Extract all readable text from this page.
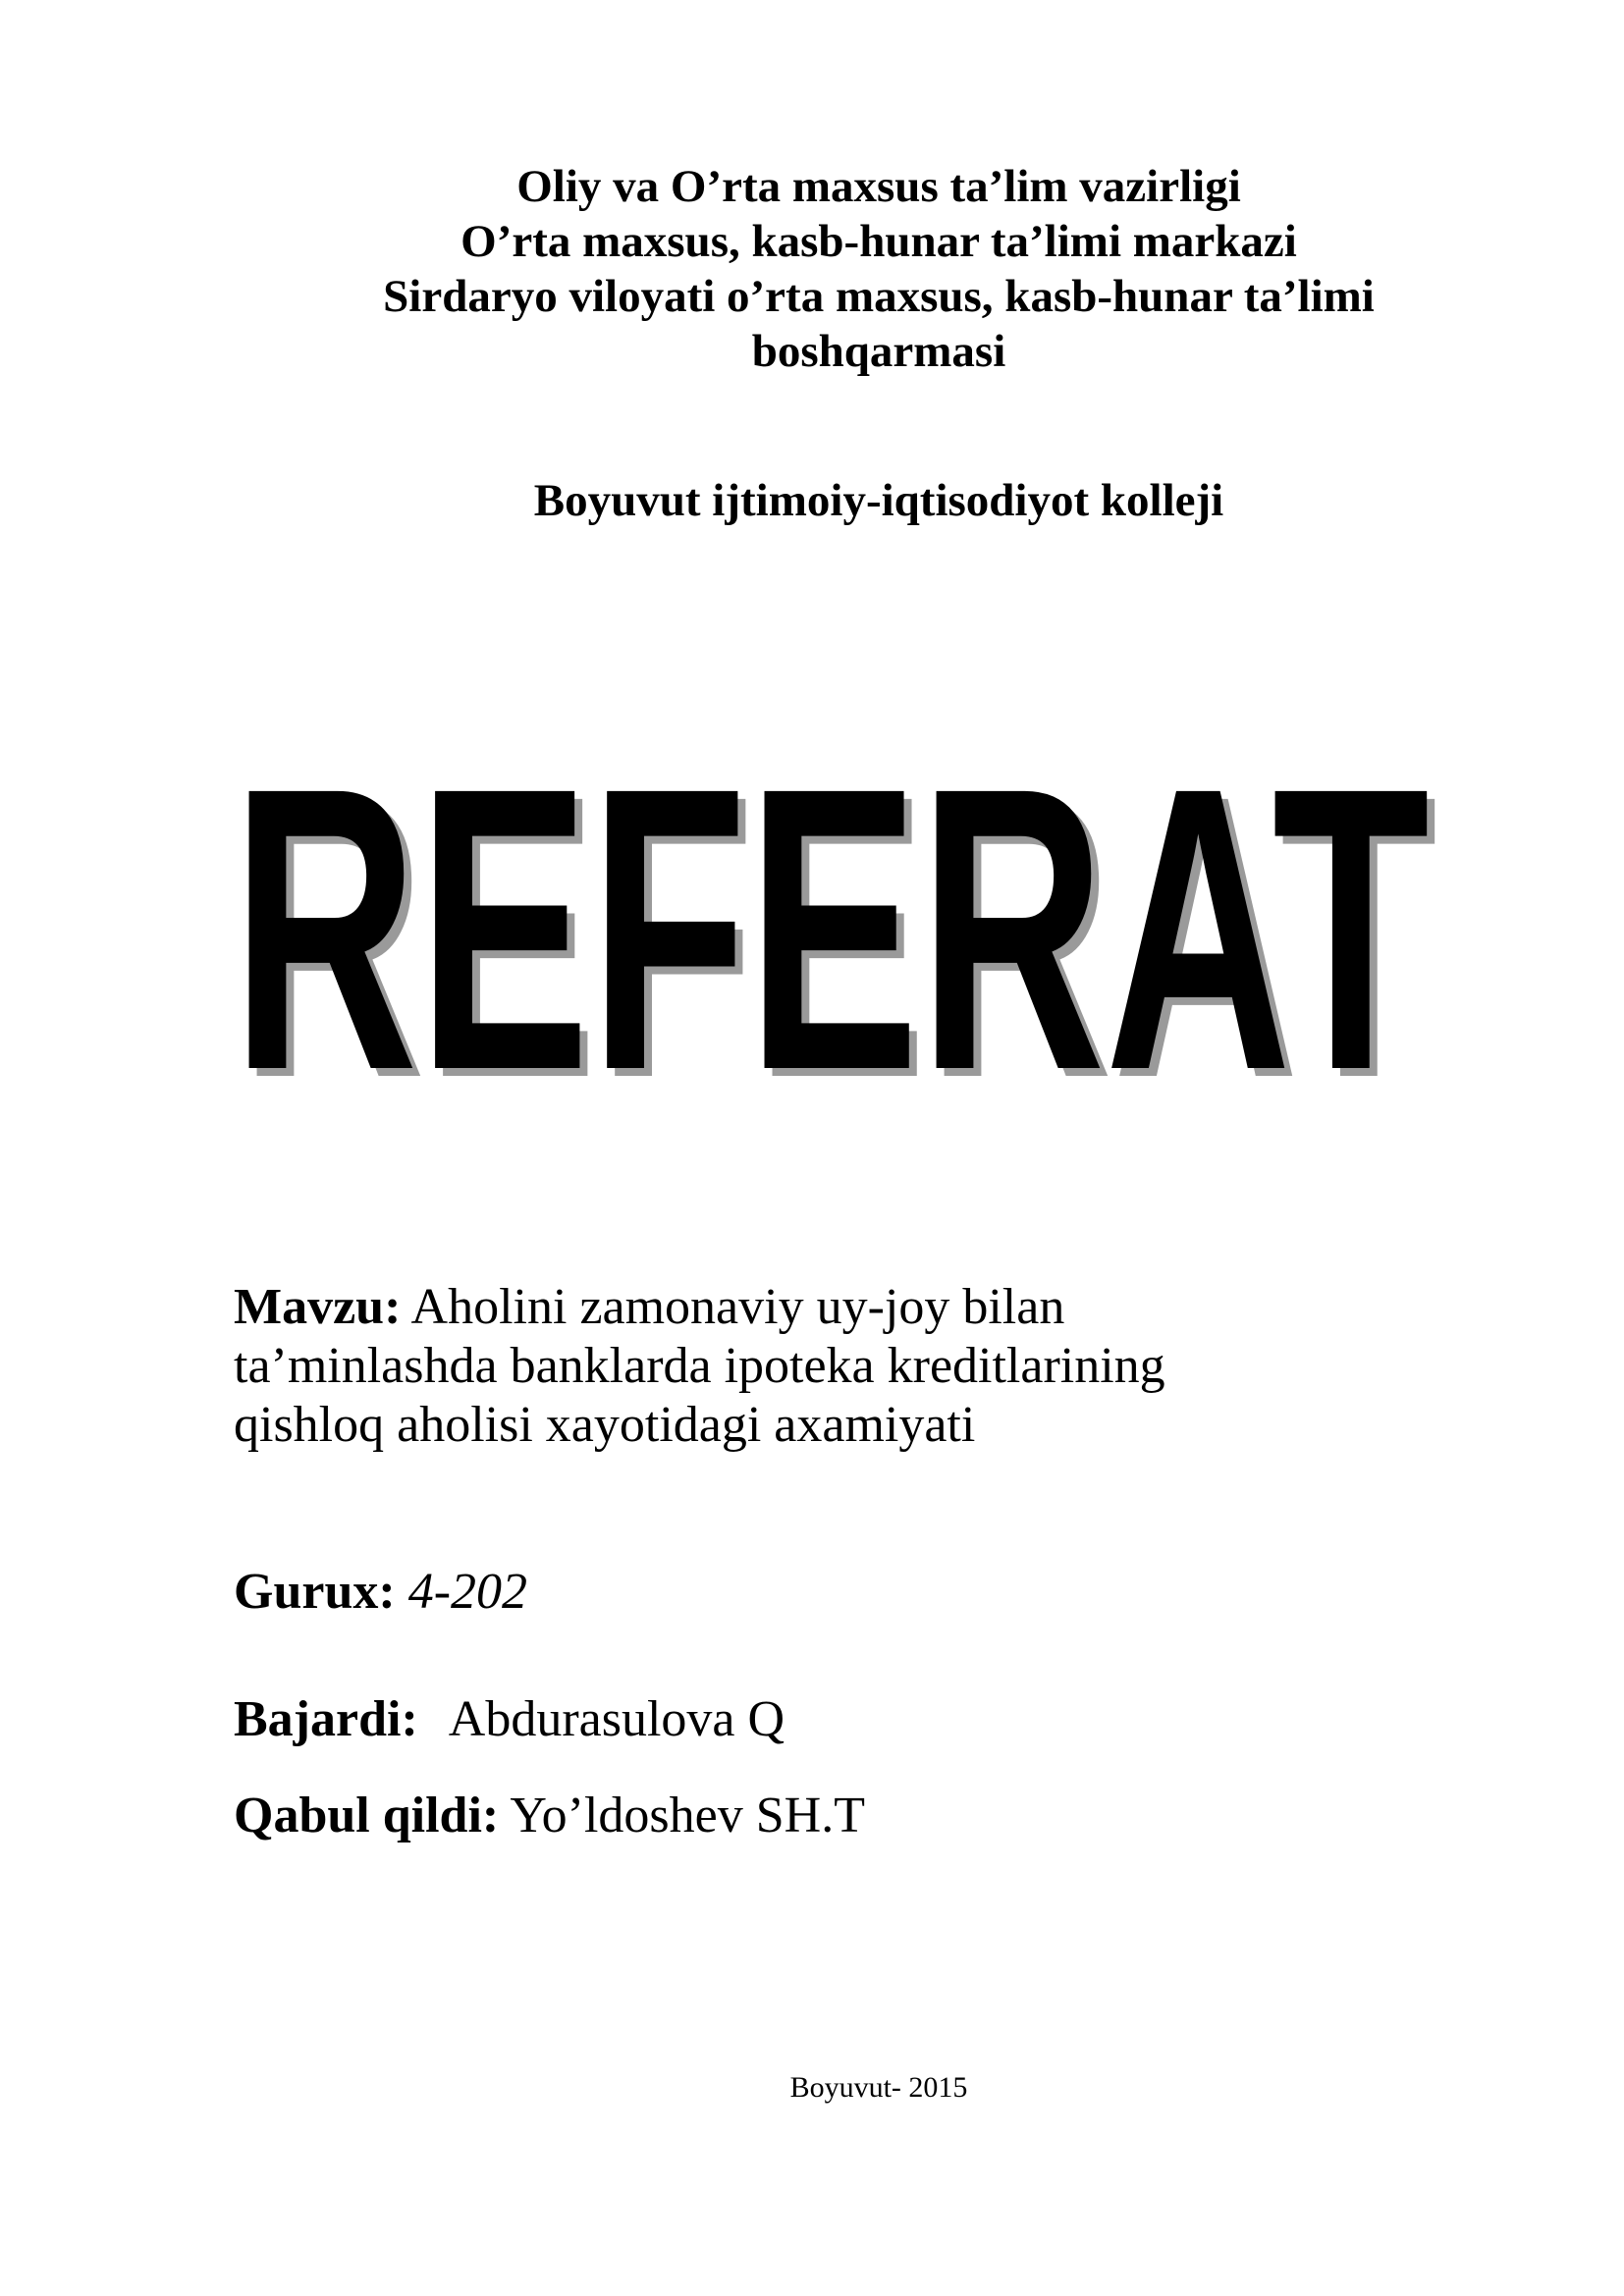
Oliy va O’rta maxsus ta’lim vazirligi
O’rta maxsus, kasb-hunar ta’limi markazi
Sirdaryo viloyati o’rta maxsus, kasb-hunar ta’limi
boshqarmasi
Boyuvut ijtimoiy-iqtisodiyot kolleji
REFERAT
REFERAT
Mavzu: Aholini zamonaviy uy-joy bilan
ta’minlashda banklarda ipoteka kreditlarining
qishloq aholisi xayotidagi axamiyati
Gurux: 4-202
Bajardi: Abdurasulova Q
Qabul qildi: Yo’ldoshev SH.T
Boyuvut- 2015
